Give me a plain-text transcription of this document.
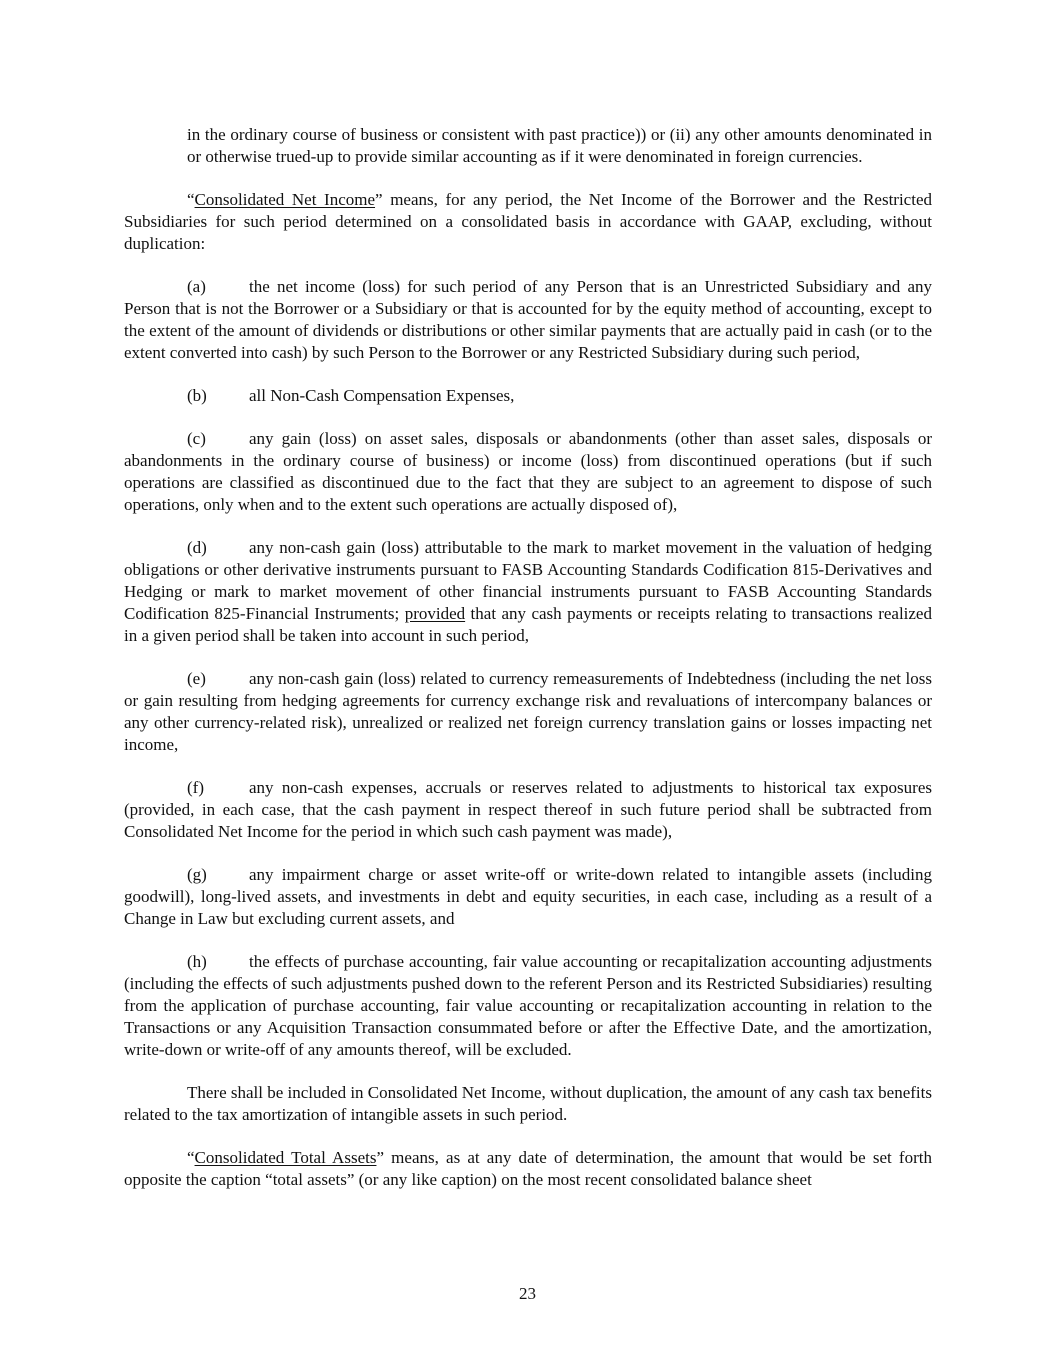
in the ordinary course of business or consistent with past practice)) or (ii) any other amounts denominated in or otherwise trued-up to provide similar accounting as if it were denominated in foreign currencies.

“Consolidated Net Income” means, for any period, the Net Income of the Borrower and the Restricted Subsidiaries for such period determined on a consolidated basis in accordance with GAAP, excluding, without duplication:

(a)	the net income (loss) for such period of any Person that is an Unrestricted Subsidiary and any Person that is not the Borrower or a Subsidiary or that is accounted for by the equity method of accounting, except to the extent of the amount of dividends or distributions or other similar payments that are actually paid in cash (or to the extent converted into cash) by such Person to the Borrower or any Restricted Subsidiary during such period,

(b) all Non-Cash Compensation Expenses,

(c)	any gain (loss) on asset sales, disposals or abandonments (other than asset sales, disposals or abandonments in the ordinary course of business) or income (loss) from discontinued operations (but if such operations are classified as discontinued due to the fact that they are subject to an agreement to dispose of such operations, only when and to the extent such operations are actually disposed of),

(d) any non-cash gain (loss) attributable to the mark to market movement in the valuation of hedging obligations or other derivative instruments pursuant to FASB Accounting Standards Codification 815-Derivatives and Hedging or mark to market movement of other financial instruments pursuant to FASB Accounting Standards Codification 825-Financial Instruments; provided that any cash payments or receipts relating to transactions realized in a given period shall be taken into account in such period,

(e)	any non-cash gain (loss) related to currency remeasurements of Indebtedness (including the net loss or gain resulting from hedging agreements for currency exchange risk and revaluations of intercompany balances or any other currency-related risk), unrealized or realized net foreign currency translation gains or losses impacting net income,

(f)	any non-cash expenses, accruals or reserves related to adjustments to historical tax exposures (provided, in each case, that the cash payment in respect thereof in such future period shall be subtracted from Consolidated Net Income for the period in which such cash payment was made),

(g) any impairment charge or asset write-off or write-down related to intangible assets (including goodwill), long-lived assets, and investments in debt and equity securities, in each case, including as a result of a Change in Law but excluding current assets, and

(h) the effects of purchase accounting, fair value accounting or recapitalization accounting adjustments (including the effects of such adjustments pushed down to the referent Person and its Restricted Subsidiaries) resulting from the application of purchase accounting, fair value accounting or recapitalization accounting in relation to the Transactions or any Acquisition Transaction consummated before or after the Effective Date, and the amortization, write-down or write-off of any amounts thereof, will be excluded.

There shall be included in Consolidated Net Income, without duplication, the amount of any cash tax benefits related to the tax amortization of intangible assets in such period.

“Consolidated Total Assets” means, as at any date of determination, the amount that would be set forth opposite the caption “total assets” (or any like caption) on the most recent consolidated balance sheet

23
